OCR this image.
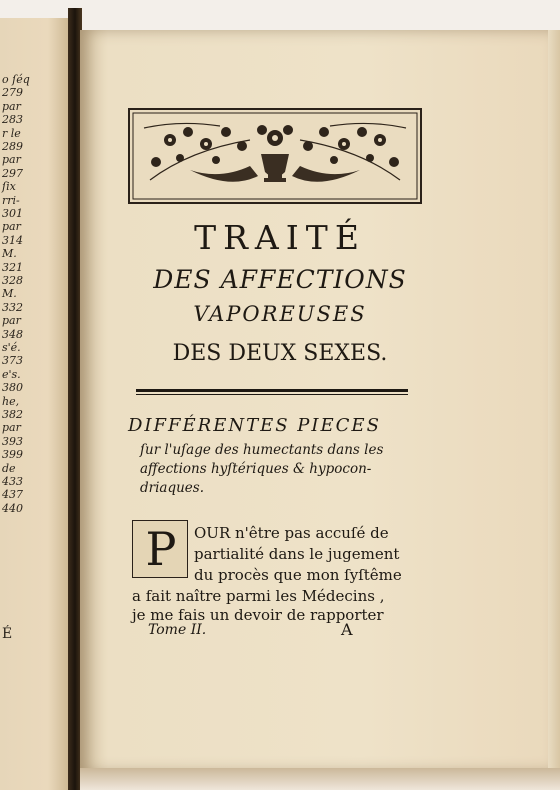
o ſéq
279
par
283
r le
289
par
297
ſix
rri-
301
par
314
M.
321
328
M.
332
par
348
s'é.
373
e's.
380
he,
382
par
393
399
de
433
437
440
É
TRAITÉ
DES AFFECTIONS
VAPOREUSES
DES DEUX SEXES.
DIFFÉRENTES PIECES
ſur l'uſage des humectants dans les
affections hyſtériques & hypocon-
driaques.
P	OUR n'être pas accuſé de
partialité dans le jugement
du procès que mon ſyſtême
a fait naître parmi les Médecins ,
je me fais un devoir de rapporter
Tome II.	A
